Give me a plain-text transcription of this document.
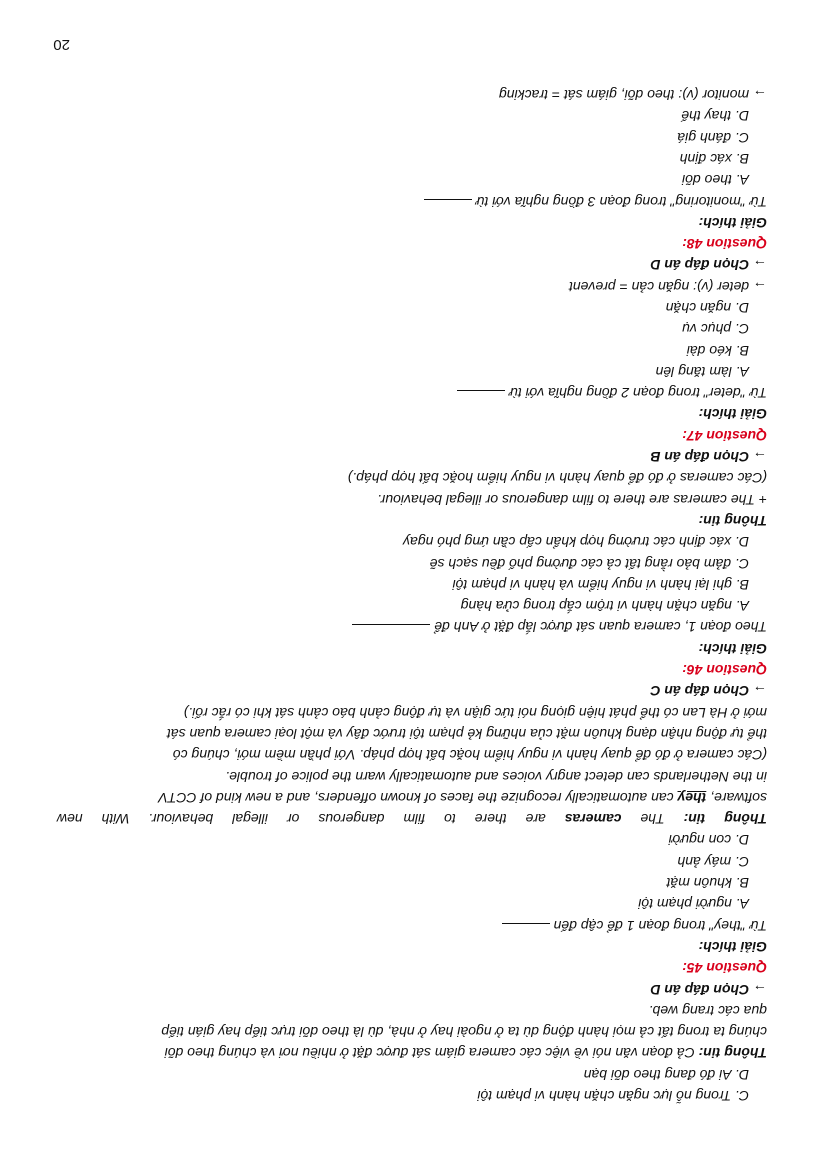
C. Trong nỗ lực ngăn chặn hành vi phạm tội
D. Ai đó đang theo dõi bạn
Thông tin: Cả đoạn văn nói về việc các camera giám sát được đặt ở nhiều nơi và chúng theo dõi
chúng ta trong tất cả mọi hành động dù ta ở ngoài hay ở nhà, dù là theo dõi trực tiếp hay gián tiếp
qua các trang web.
→ Chọn đáp án D
Question 45:
Giải thích:
Từ "they" trong đoạn 1 để cập đến
A. người phạm tội
B. khuôn mặt
C. máy ảnh
D. con người
Thông tin: The cameras are there to film dangerous or illegal behaviour. With new
software, they can automatically recognize the faces of known offenders, and a new kind of CCTV
in the Netherlands can detect angry voices and automatically warn the police of trouble.
(Các camera ở đó để quay hành vi nguy hiểm hoặc bất hợp pháp. Với phần mềm mới, chúng có
thể tự động nhận dạng khuôn mặt của những kẻ phạm tội trước đây và một loại camera quan sát
mới ở Hà Lan có thể phát hiện giọng nói tức giận và tự động cảnh báo cảnh sát khi có rắc rối.)
→ Chọn đáp án C
Question 46:
Giải thích:
Theo đoạn 1, camera quan sát được lắp đặt ở Anh để
A. ngăn chặn hành vi trộm cắp trong cửa hàng
B. ghi lại hành vi nguy hiểm và hành vi phạm tội
C. đảm bảo rằng tất cả các đường phố đều sạch sẽ
D. xác định các trường hợp khẩn cấp cần ứng phó ngay
Thông tin:
+ The cameras are there to film dangerous or illegal behaviour.
(Các cameras ở đó để quay hành vi nguy hiểm hoặc bất hợp pháp.)
→ Chọn đáp án B
Question 47:
Giải thích:
Từ "deter" trong đoạn 2 đồng nghĩa với từ
A. làm tăng lên
B. kéo dài
C. phục vụ
D. ngăn chặn
→ deter (v): ngăn cản = prevent
→ Chọn đáp án D
Question 48:
Giải thích:
Từ "monitoring" trong đoạn 3 đồng nghĩa với từ
A. theo dõi
B. xác định
C. đánh giá
D. thay thế
→ monitor (v): theo dõi, giám sát = tracking
20
